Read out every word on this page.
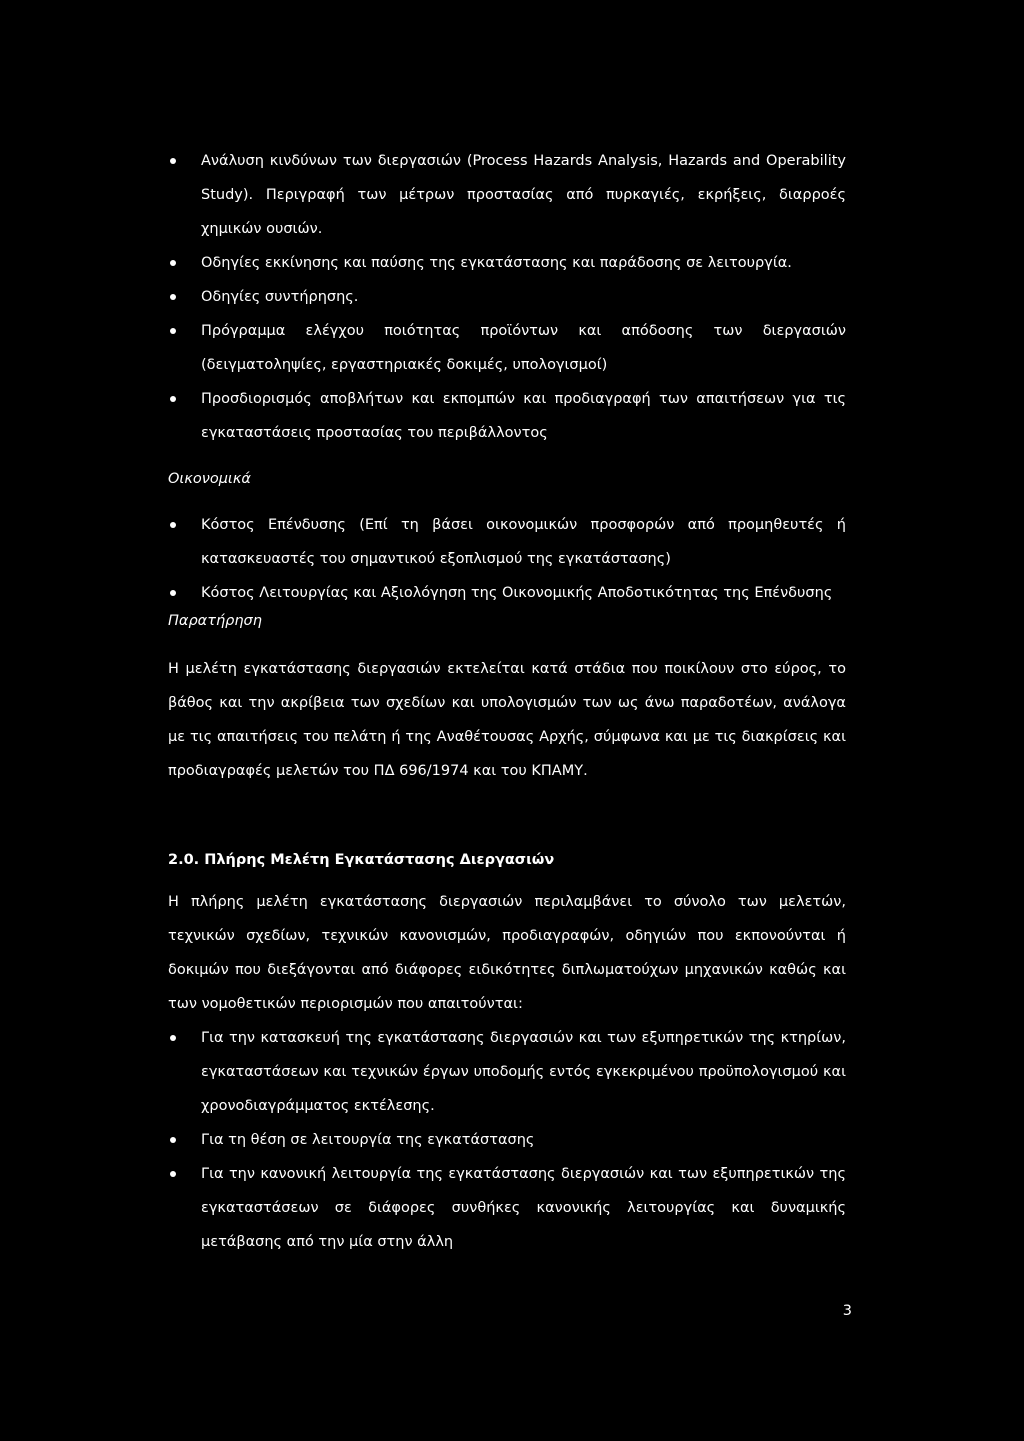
Ανάλυση κινδύνων των διεργασιών (Process Hazards Analysis, Hazards and Operability Study). Περιγραφή των μέτρων προστασίας από πυρκαγιές, εκρήξεις, διαρροές χημικών ουσιών.
Οδηγίες εκκίνησης και παύσης της εγκατάστασης και παράδοσης σε λειτουργία.
Οδηγίες συντήρησης.
Πρόγραμμα ελέγχου ποιότητας προϊόντων και απόδοσης των διεργασιών (δειγματοληψίες, εργαστηριακές δοκιμές, υπολογισμοί)
Προσδιορισμός αποβλήτων και εκπομπών και προδιαγραφή των απαιτήσεων για τις εγκαταστάσεις προστασίας του περιβάλλοντος
Οικονομικά
Κόστος Επένδυσης (Επί τη βάσει οικονομικών προσφορών από προμηθευτές ή κατασκευαστές του σημαντικού εξοπλισμού της εγκατάστασης)
Κόστος Λειτουργίας και Αξιολόγηση της Οικονομικής Αποδοτικότητας της Επένδυσης
Παρατήρηση

Η μελέτη εγκατάστασης διεργασιών εκτελείται κατά στάδια που ποικίλουν στο εύρος, το βάθος και την ακρίβεια των σχεδίων και υπολογισμών των ως άνω παραδοτέων, ανάλογα με τις απαιτήσεις του πελάτη ή της Αναθέτουσας Αρχής, σύμφωνα και με τις διακρίσεις και προδιαγραφές μελετών του ΠΔ 696/1974 και του ΚΠΑΜΥ.

2.0. Πλήρης Μελέτη Εγκατάστασης Διεργασιών

Η πλήρης μελέτη εγκατάστασης διεργασιών περιλαμβάνει το σύνολο των μελετών, τεχνικών σχεδίων, τεχνικών κανονισμών, προδιαγραφών, οδηγιών που εκπονούνται ή δοκιμών που διεξάγονται από διάφορες ειδικότητες διπλωματούχων μηχανικών καθώς και των νομοθετικών περιορισμών που απαιτούνται:

Για την κατασκευή της εγκατάστασης διεργασιών και των εξυπηρετικών της κτηρίων, εγκαταστάσεων και τεχνικών έργων υποδομής εντός εγκεκριμένου προϋπολογισμού και χρονοδιαγράμματος εκτέλεσης.
Για τη θέση σε λειτουργία της εγκατάστασης
Για την κανονική λειτουργία της εγκατάστασης διεργασιών και των εξυπηρετικών της εγκαταστάσεων σε διάφορες συνθήκες κανονικής λειτουργίας και δυναμικής μετάβασης από την μία στην άλλη
3
